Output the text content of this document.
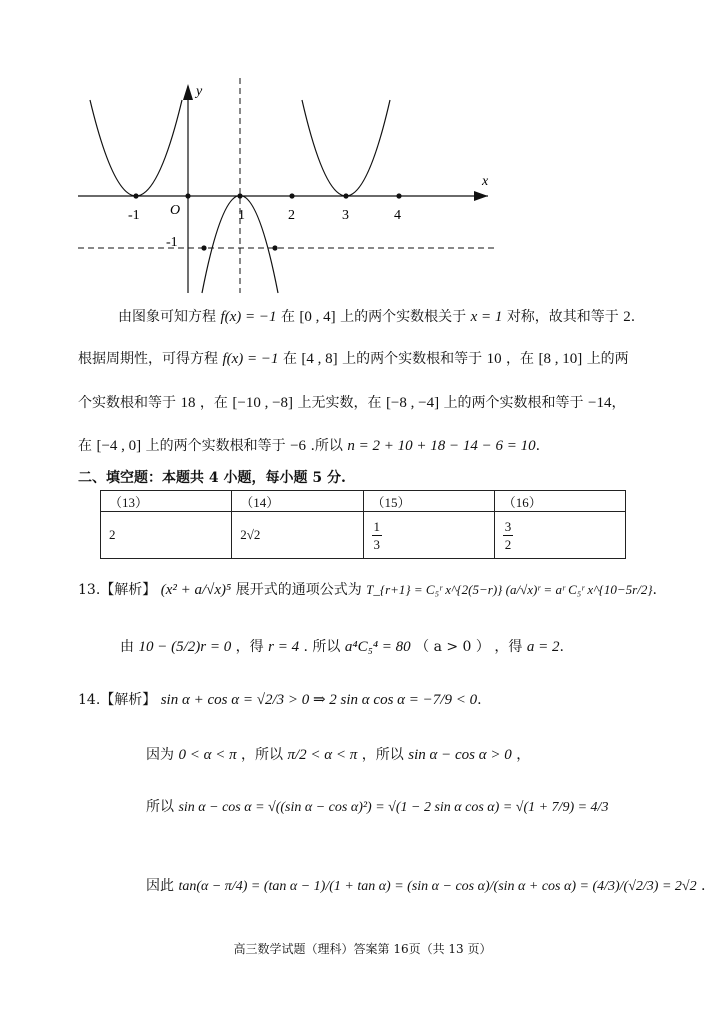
y
x
O
-1	1	2	3	4
-1
由图象可知方程 f(x) = −1 在 [0 , 4] 上的两个实数根关于 x = 1 对称，故其和等于 2.
根据周期性，可得方程 f(x) = −1 在 [4 , 8] 上的两个实数根和等于 10 ，在 [8 , 10] 上的两
个实数根和等于 18 ，在 [−10 , −8] 上无实数，在 [−8 , −4] 上的两个实数根和等于 −14，
在 [−4 , 0] 上的两个实数根和等于 −6 .所以 n = 2 + 10 + 18 − 14 − 6 = 10.
二、填空题：本题共 4 小题，每小题 5 分.
（13）	（14）	（15）	（16）
2	2√2	$\frac{1}{3}$	$\frac{3}{2}$
13.【解析】 (x² + a/√x)⁵ 展开式的通项公式为 T_{r+1} = C₅ʳ x^{2(5−r)} (a/√x)ʳ = aʳ C₅ʳ x^{10−5r/2}.
由 10 − (5/2)r = 0 ，得 r = 4 . 所以 a⁴C₅⁴ = 80 （ a > 0 ） ，得 a = 2.
14.【解析】 sin α + cos α = √2/3 > 0 ⇒ 2 sin α cos α = −7/9 < 0.
因为 0 < α < π ，所以 π/2 < α < π ，所以 sin α − cos α > 0 ，
所以 sin α − cos α = √((sin α − cos α)²) = √(1 − 2 sin α cos α) = √(1 + 7/9) = 4/3
因此 tan(α − π/4) = (tan α − 1)/(1 + tan α) = (sin α − cos α)/(sin α + cos α) = (4/3)/(√2/3) = 2√2 .
高三数学试题（理科）答案第 16页（共 13 页）
